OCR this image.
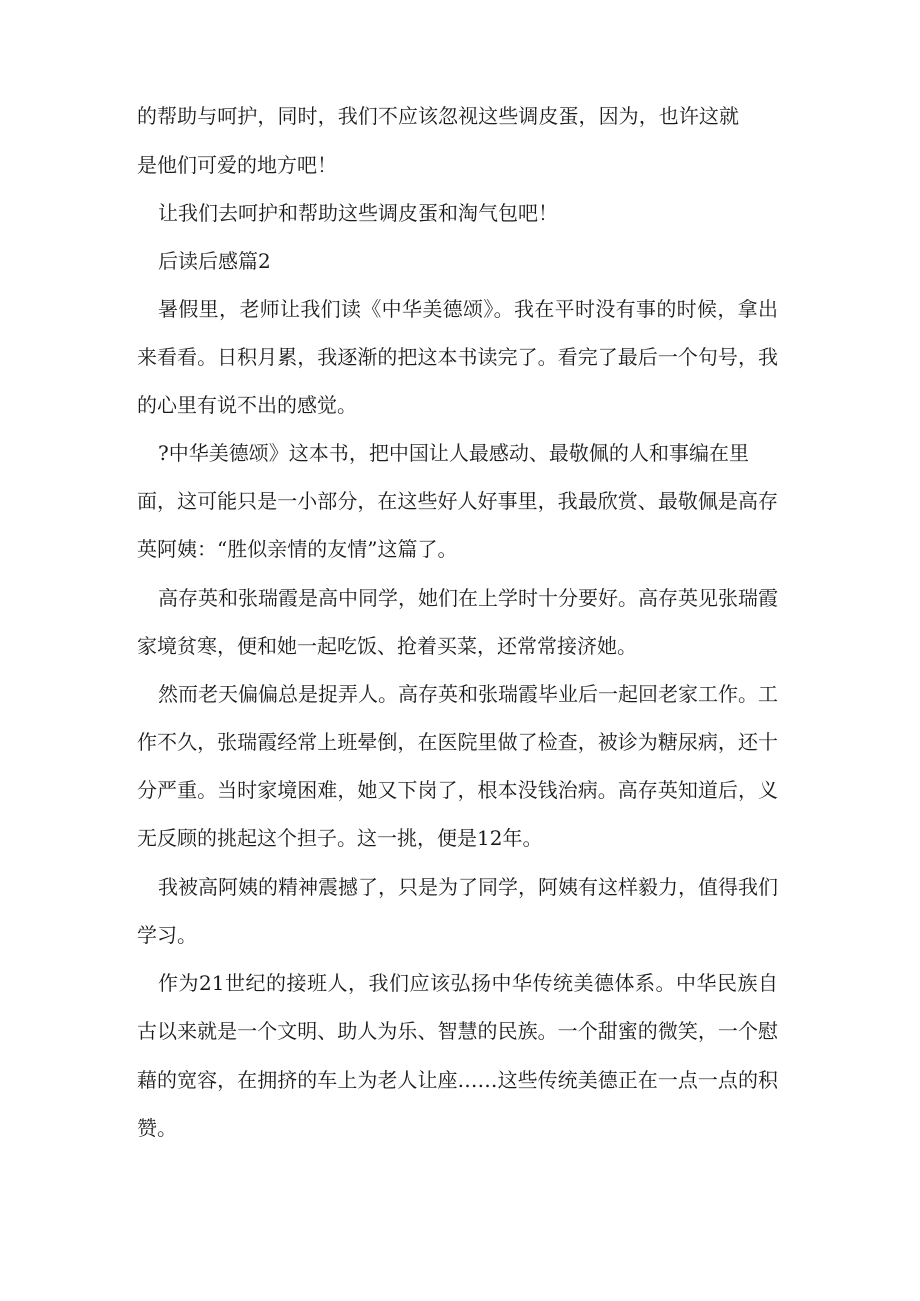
的帮助与呵护，同时，我们不应该忽视这些调皮蛋，因为，也许这就
是他们可爱的地方吧！
让我们去呵护和帮助这些调皮蛋和淘气包吧！
后读后感篇2
暑假里，老师让我们读《中华美德颂》。我在平时没有事的时候，拿出
来看看。日积月累，我逐渐的把这本书读完了。看完了最后一个句号，我
的心里有说不出的感觉。
?中华美德颂》这本书，把中国让人最感动、最敬佩的人和事编在里
面，这可能只是一小部分，在这些好人好事里，我最欣赏、最敬佩是高存
英阿姨：“胜似亲情的友情”这篇了。
高存英和张瑞霞是高中同学，她们在上学时十分要好。高存英见张瑞霞
家境贫寒，便和她一起吃饭、抢着买菜，还常常接济她。
然而老天偏偏总是捉弄人。高存英和张瑞霞毕业后一起回老家工作。工
作不久，张瑞霞经常上班晕倒，在医院里做了检查，被诊为糖尿病，还十
分严重。当时家境困难，她又下岗了，根本没钱治病。高存英知道后，义
无反顾的挑起这个担子。这一挑，便是12年。
我被高阿姨的精神震撼了，只是为了同学，阿姨有这样毅力，值得我们
学习。
作为21世纪的接班人，我们应该弘扬中华传统美德体系。中华民族自
古以来就是一个文明、助人为乐、智慧的民族。一个甜蜜的微笑，一个慰
藉的宽容，在拥挤的车上为老人让座……这些传统美德正在一点一点的积
赞。
